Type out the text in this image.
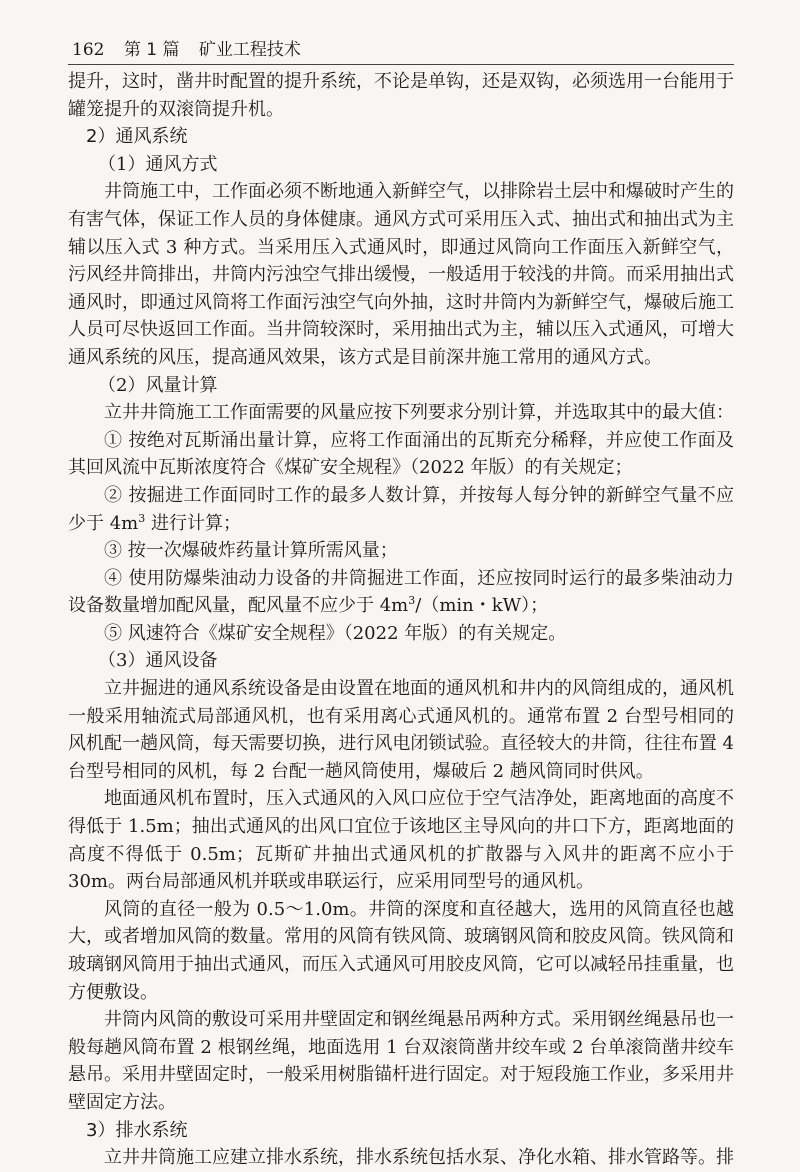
162 第 1 篇 矿业工程技术

提升，这时，凿井时配置的提升系统，不论是单钩，还是双钩，必须选用一台能用于罐笼提升的双滚筒提升机。

2）通风系统

（1）通风方式

井筒施工中，工作面必须不断地通入新鲜空气，以排除岩土层中和爆破时产生的有害气体，保证工作人员的身体健康。通风方式可采用压入式、抽出式和抽出式为主辅以压入式 3 种方式。当采用压入式通风时，即通过风筒向工作面压入新鲜空气，污风经井筒排出，井筒内污浊空气排出缓慢，一般适用于较浅的井筒。而采用抽出式通风时，即通过风筒将工作面污浊空气向外抽，这时井筒内为新鲜空气，爆破后施工人员可尽快返回工作面。当井筒较深时，采用抽出式为主，辅以压入式通风，可增大通风系统的风压，提高通风效果，该方式是目前深井施工常用的通风方式。

（2）风量计算

立井井筒施工工作面需要的风量应按下列要求分别计算，并选取其中的最大值：

① 按绝对瓦斯涌出量计算，应将工作面涌出的瓦斯充分稀释，并应使工作面及其回风流中瓦斯浓度符合《煤矿安全规程》（2022 年版）的有关规定；

② 按掘进工作面同时工作的最多人数计算，并按每人每分钟的新鲜空气量不应少于 $4m^3$ 进行计算；

③ 按一次爆破炸药量计算所需风量；

④ 使用防爆柴油动力设备的井筒掘进工作面，还应按同时运行的最多柴油动力设备数量增加配风量，配风量不应少于 $4m^3/(\min$・kW）；

⑤ 风速符合《煤矿安全规程》（2022 年版）的有关规定。

（3）通风设备

立井掘进的通风系统设备是由设置在地面的通风机和井内的风筒组成的，通风机一般采用轴流式局部通风机，也有采用离心式通风机的。通常布置 2 台型号相同的风机配一趟风筒，每天需要切换，进行风电闭锁试验。直径较大的井筒，往往布置 4 台型号相同的风机，每 2 台配一趟风筒使用，爆破后 2 趟风筒同时供风。

地面通风机布置时，压入式通风的入风口应位于空气洁净处，距离地面的高度不得低于 1.5m；抽出式通风的出风口宜位于该地区主导风向的井口下方，距离地面的高度不得低于 0.5m；瓦斯矿井抽出式通风机的扩散器与入风井的距离不应小于 30m。两台局部通风机并联或串联运行，应采用同型号的通风机。

风筒的直径一般为 0.5～1.0m。井筒的深度和直径越大，选用的风筒直径也越大，或者增加风筒的数量。常用的风筒有铁风筒、玻璃钢风筒和胶皮风筒。铁风筒和玻璃钢风筒用于抽出式通风，而压入式通风可用胶皮风筒，它可以减轻吊挂重量，也方便敷设。

井筒内风筒的敷设可采用井壁固定和钢丝绳悬吊两种方式。采用钢丝绳悬吊也一般每趟风筒布置 2 根钢丝绳，地面选用 1 台双滚筒凿井绞车或 2 台单滚筒凿井绞车悬吊。采用井壁固定时，一般采用树脂锚杆进行固定。对于短段施工作业，多采用井壁固定方法。

3）排水系统

立井井筒施工应建立排水系统，排水系统包括水泵、净化水箱、排水管路等。排
